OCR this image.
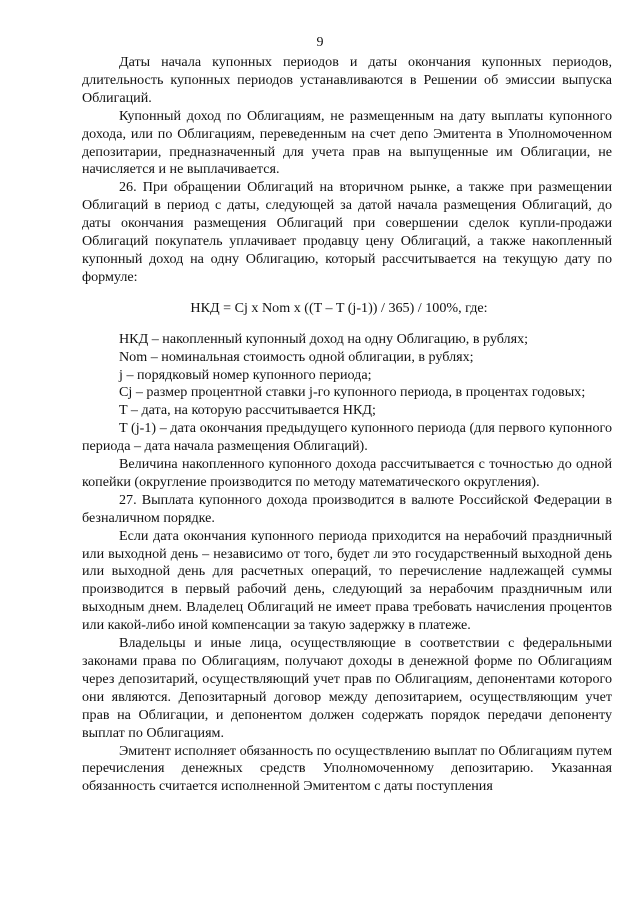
9

Даты начала купонных периодов и даты окончания купонных периодов, длительность купонных периодов устанавливаются в Решении об эмиссии выпуска Облигаций.

Купонный доход по Облигациям, не размещенным на дату выплаты купонного дохода, или по Облигациям, переведенным на счет депо Эмитента в Уполномоченном депозитарии, предназначенный для учета прав на выпущенные им Облигации, не начисляется и не выплачивается.

26. При обращении Облигаций на вторичном рынке, а также при размещении Облигаций в период с даты, следующей за датой начала размещения Облигаций, до даты окончания размещения Облигаций при совершении сделок купли-продажи Облигаций покупатель уплачивает продавцу цену Облигаций, а также накопленный купонный доход на одну Облигацию, который рассчитывается на текущую дату по формуле:

НКД = Cj x Nom x ((T – T (j-1)) / 365) / 100%, где:

НКД – накопленный купонный доход на одну Облигацию, в рублях;

Nom – номинальная стоимость одной облигации, в рублях;

j – порядковый номер купонного периода;

Cj – размер процентной ставки j-го купонного периода, в процентах годовых;

T – дата, на которую рассчитывается НКД;

T (j-1) – дата окончания предыдущего купонного периода (для первого купонного периода – дата начала размещения Облигаций).

Величина накопленного купонного дохода рассчитывается с точностью до одной копейки (округление производится по методу математического округления).

27. Выплата купонного дохода производится в валюте Российской Федерации в безналичном порядке.

Если дата окончания купонного периода приходится на нерабочий праздничный или выходной день – независимо от того, будет ли это государственный выходной день или выходной день для расчетных операций, то перечисление надлежащей суммы производится в первый рабочий день, следующий за нерабочим праздничным или выходным днем. Владелец Облигаций не имеет права требовать начисления процентов или какой-либо иной компенсации за такую задержку в платеже.

Владельцы и иные лица, осуществляющие в соответствии с федеральными законами права по Облигациям, получают доходы в денежной форме по Облигациям через депозитарий, осуществляющий учет прав по Облигациям, депонентами которого они являются. Депозитарный договор между депозитарием, осуществляющим учет прав на Облигации, и депонентом должен содержать порядок передачи депоненту выплат по Облигациям.

Эмитент исполняет обязанность по осуществлению выплат по Облигациям путем перечисления денежных средств Уполномоченному депозитарию. Указанная обязанность считается исполненной Эмитентом с даты поступления
